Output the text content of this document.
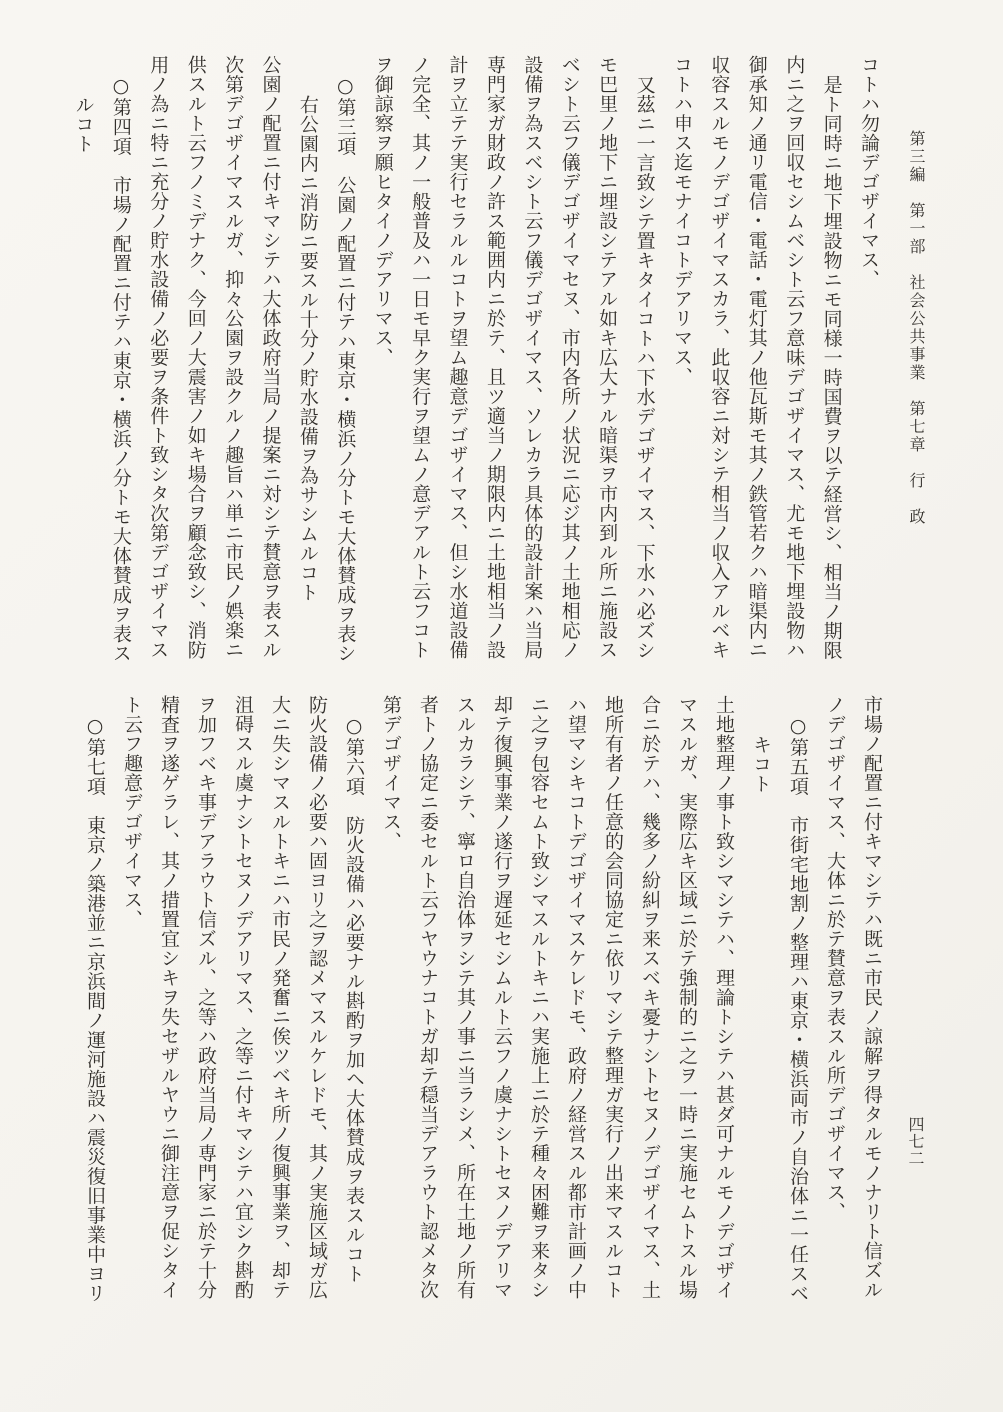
第三編　第一部　社会公共事業　第七章　行　政

コトハ勿論デゴザイマス、

是ト同時ニ地下埋設物ニモ同様一時国費ヲ以テ経営シ、相当ノ期限

内ニ之ヲ回収セシムベシト云フ意味デゴザイマス、尤モ地下埋設物ハ

御承知ノ通リ電信・電話・電灯其ノ他瓦斯モ其ノ鉄管若クハ暗渠内ニ

収容スルモノデゴザイマスカラ、此収容ニ対シテ相当ノ収入アルベキ

コトハ申ス迄モナイコトデアリマス、

又茲ニ一言致シテ置キタイコトハ下水デゴザイマス、下水ハ必ズシ

モ巴里ノ地下ニ埋設シテアル如キ広大ナル暗渠ヲ市内到ル所ニ施設ス

ベシト云フ儀デゴザイマセヌ、市内各所ノ状況ニ応ジ其ノ土地相応ノ

設備ヲ為スベシト云フ儀デゴザイマス、ソレカラ具体的設計案ハ当局

専門家ガ財政ノ許ス範囲内ニ於テ、且ツ適当ノ期限内ニ土地相当ノ設

計ヲ立テテ実行セラルルコトヲ望ム趣意デゴザイマス、但シ水道設備

ノ完全、其ノ一般普及ハ一日モ早ク実行ヲ望ムノ意デアルト云フコト

ヲ御諒察ヲ願ヒタイノデアリマス、

○第三項　公園ノ配置ニ付テハ東京・横浜ノ分トモ大体賛成ヲ表シ

右公園内ニ消防ニ要スル十分ノ貯水設備ヲ為サシムルコト

公園ノ配置ニ付キマシテハ大体政府当局ノ提案ニ対シテ賛意ヲ表スル

次第デゴザイマスルガ、抑々公園ヲ設クルノ趣旨ハ単ニ市民ノ娯楽ニ

供スルト云フノミデナク、今回ノ大震害ノ如キ場合ヲ顧念致シ、消防

用ノ為ニ特ニ充分ノ貯水設備ノ必要ヲ条件ト致シタ次第デゴザイマス

○第四項　市場ノ配置ニ付テハ東京・横浜ノ分トモ大体賛成ヲ表ス

ルコト

市場ノ配置ニ付キマシテハ既ニ市民ノ諒解ヲ得タルモノナリト信ズル

ノデゴザイマス、大体ニ於テ賛意ヲ表スル所デゴザイマス、

○第五項　市街宅地割ノ整理ハ東京・横浜両市ノ自治体ニ一任スベ

キコト

土地整理ノ事ト致シマシテハ、理論トシテハ甚ダ可ナルモノデゴザイ

マスルガ、実際広キ区域ニ於テ強制的ニ之ヲ一時ニ実施セムトスル場

合ニ於テハ、幾多ノ紛糾ヲ来スベキ憂ナシトセヌノデゴザイマス、土

地所有者ノ任意的会同協定ニ依リマシテ整理ガ実行ノ出来マスルコト

ハ望マシキコトデゴザイマスケレドモ、政府ノ経営スル都市計画ノ中

ニ之ヲ包容セムト致シマスルトキニハ実施上ニ於テ種々困難ヲ来タシ

却テ復興事業ノ遂行ヲ遅延セシムルト云フノ虞ナシトセヌノデアリマ

スルカラシテ、寧ロ自治体ヲシテ其ノ事ニ当ラシメ、所在土地ノ所有

者トノ協定ニ委セルト云フヤウナコトガ却テ穏当デアラウト認メタ次

第デゴザイマス、

○第六項　防火設備ハ必要ナル斟酌ヲ加ヘ大体賛成ヲ表スルコト

防火設備ノ必要ハ固ヨリ之ヲ認メマスルケレドモ、其ノ実施区域ガ広

大ニ失シマスルトキニハ市民ノ発奮ニ俟ツベキ所ノ復興事業ヲ、却テ

沮碍スル虞ナシトセヌノデアリマス、之等ニ付キマシテハ宜シク斟酌

ヲ加フベキ事デアラウト信ズル、之等ハ政府当局ノ専門家ニ於テ十分

精査ヲ遂ゲラレ、其ノ措置宜シキヲ失セザルヤウニ御注意ヲ促シタイ

ト云フ趣意デゴザイマス、

○第七項　東京ノ築港並ニ京浜間ノ運河施設ハ震災復旧事業中ヨリ	四七二
